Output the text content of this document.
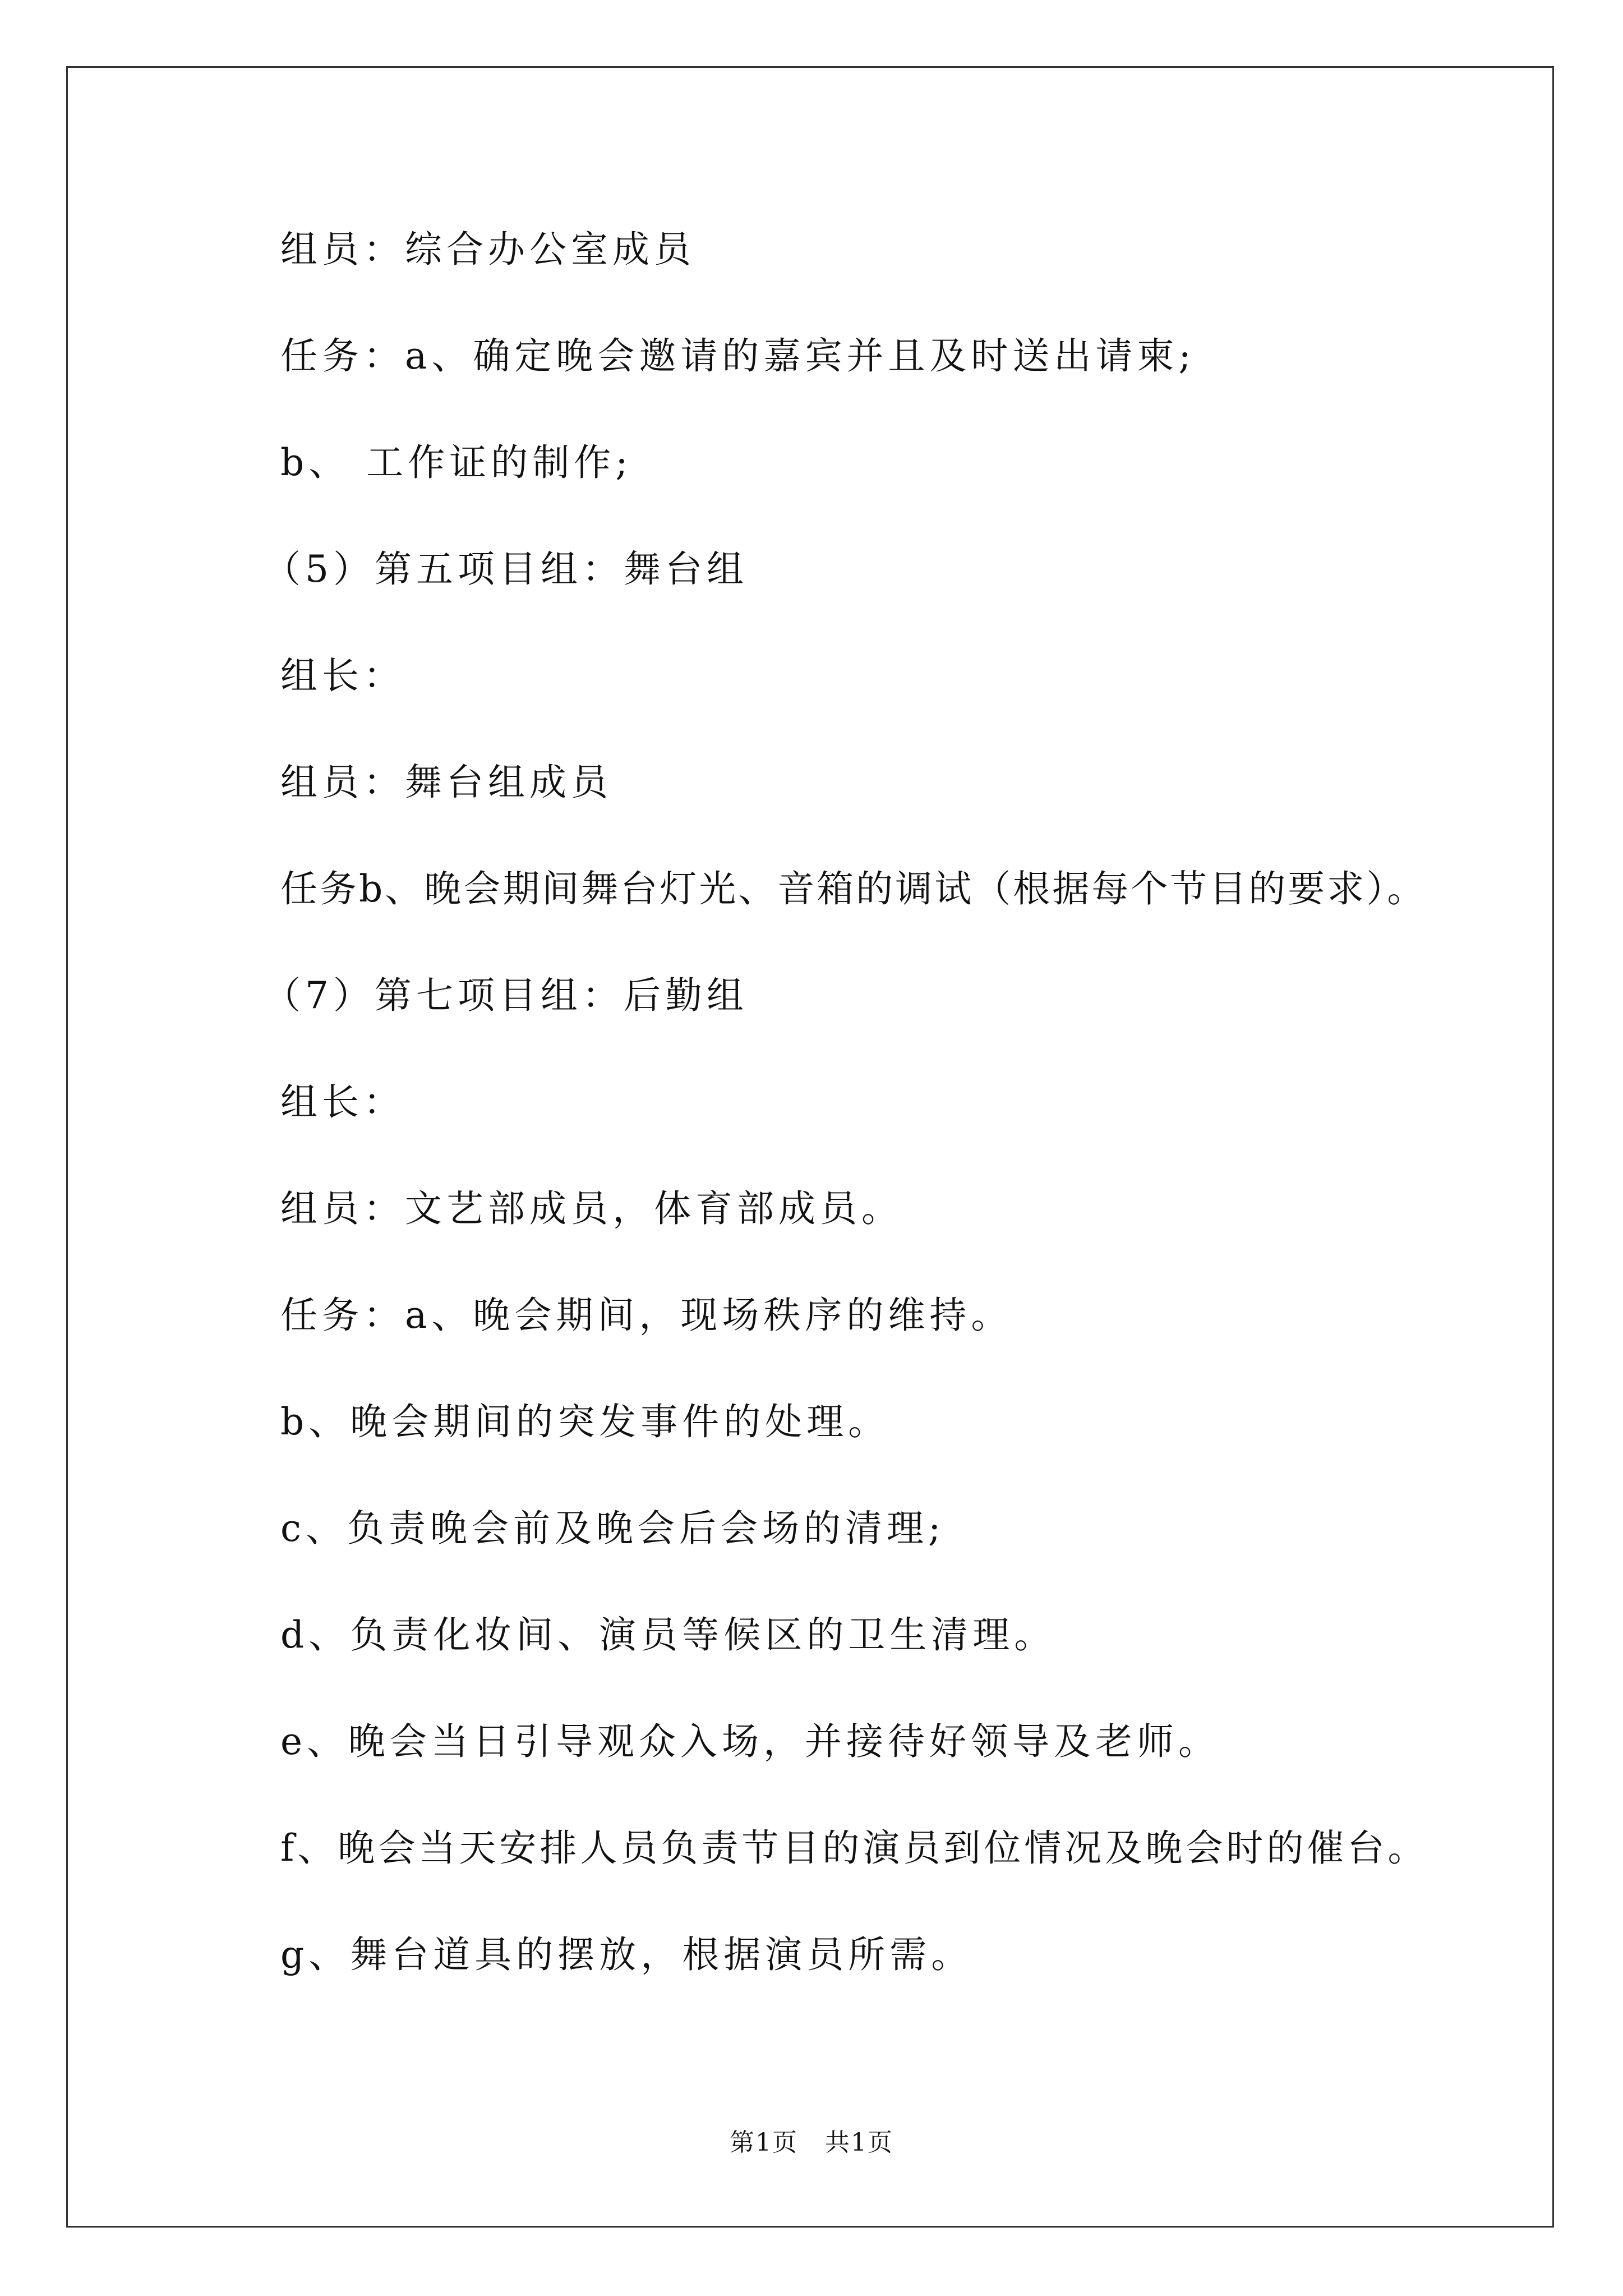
组员：综合办公室成员

任务：a、确定晚会邀请的嘉宾并且及时送出请柬;

b、 工作证的制作;

（5）第五项目组：舞台组

组长：

组员：舞台组成员

任务b、晚会期间舞台灯光、音箱的调试（根据每个节目的要求）。

（7）第七项目组：后勤组

组长：

组员：文艺部成员，体育部成员。

任务：a、晚会期间，现场秩序的维持。

b、晚会期间的突发事件的处理。

c、负责晚会前及晚会后会场的清理;

d、负责化妆间、演员等候区的卫生清理。

e、晚会当日引导观众入场，并接待好领导及老师。

f、晚会当天安排人员负责节目的演员到位情况及晚会时的催台。

g、舞台道具的摆放，根据演员所需。

第1页   共1页
